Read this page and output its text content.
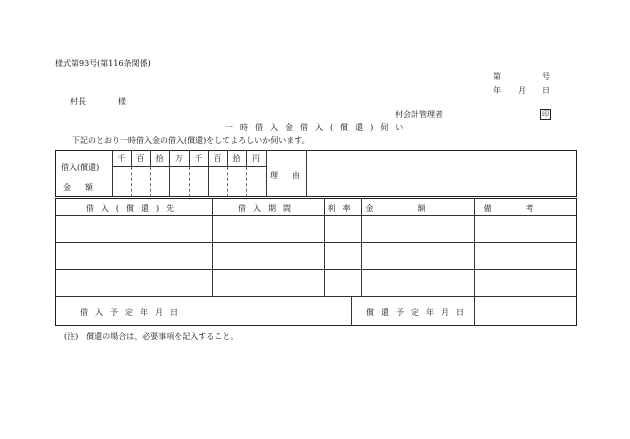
様式第93号(第116条関係)
第	号
年 月 日
村長	様
村会計管理者	印
一時借入金借入(償還)伺い
下記のとおり一時借入金の借入(償還)をしてよろしいか伺います。
借入(償還)
金額
千	百	拾	万	千	百	拾	円
理由
借入(償還)先	借入期間	利率	金額	備考
借入予定年月日	償還予定年月日
(注)　償還の場合は、必要事項を記入すること。
